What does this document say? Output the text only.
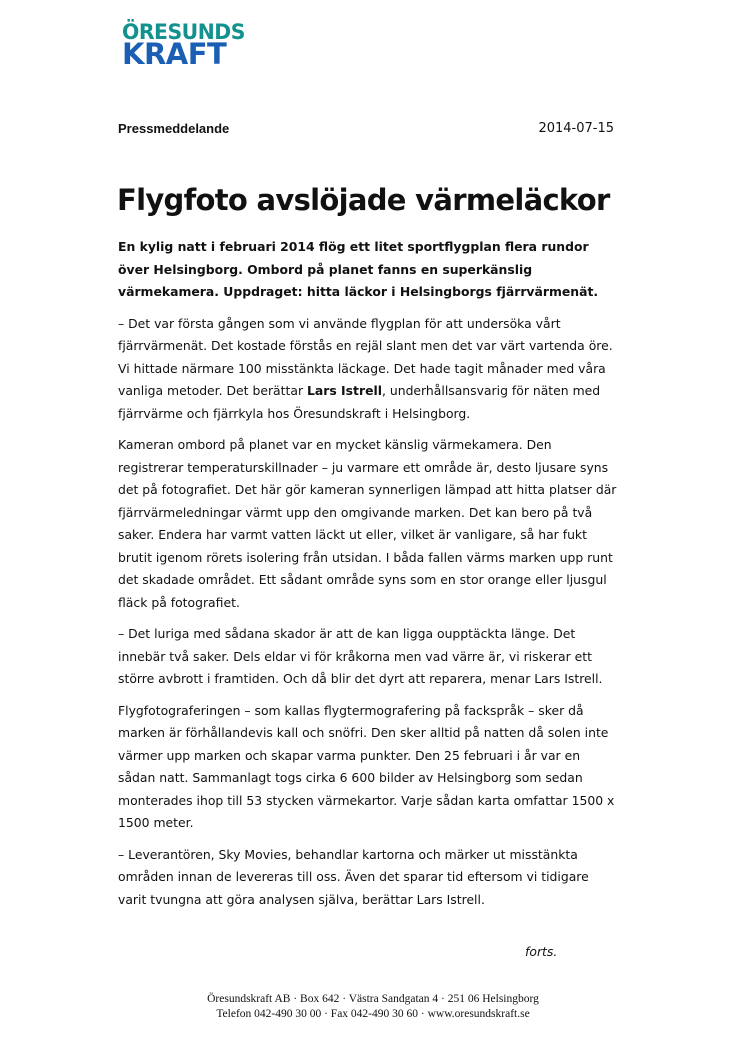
ÖRESUNDS
KRAFT
Pressmeddelande	2014-07-15
Flygfoto avslöjade värmeläckor

En kylig natt i februari 2014 flög ett litet sportflygplan flera rundor över Helsingborg. Ombord på planet fanns en superkänslig värmekamera. Uppdraget: hitta läckor i Helsingborgs fjärrvärmenät.

– Det var första gången som vi använde flygplan för att undersöka vårt fjärrvärmenät. Det kostade förstås en rejäl slant men det var värt vartenda öre. Vi hittade närmare 100 misstänkta läckage. Det hade tagit månader med våra vanliga metoder. Det berättar Lars Istrell, underhållsansvarig för näten med fjärrvärme och fjärrkyla hos Öresundskraft i Helsingborg.

Kameran ombord på planet var en mycket känslig värmekamera. Den registrerar temperaturskillnader – ju varmare ett område är, desto ljusare syns det på fotografiet. Det här gör kameran synnerligen lämpad att hitta platser där fjärrvärmeledningar värmt upp den omgivande marken. Det kan bero på två saker. Endera har varmt vatten läckt ut eller, vilket är vanligare, så har fukt brutit igenom rörets isolering från utsidan. I båda fallen värms marken upp runt det skadade området. Ett sådant område syns som en stor orange eller ljusgul fläck på fotografiet.

– Det luriga med sådana skador är att de kan ligga oupptäckta länge. Det innebär två saker. Dels eldar vi för kråkorna men vad värre är, vi riskerar ett större avbrott i framtiden. Och då blir det dyrt att reparera, menar Lars Istrell.

Flygfotograferingen – som kallas flygtermografering på fackspråk – sker då marken är förhållandevis kall och snöfri. Den sker alltid på natten då solen inte värmer upp marken och skapar varma punkter. Den 25 februari i år var en sådan natt. Sammanlagt togs cirka 6 600 bilder av Helsingborg som sedan monterades ihop till 53 stycken värmekartor. Varje sådan karta omfattar 1500 x 1500 meter.

– Leverantören, Sky Movies, behandlar kartorna och märker ut misstänkta områden innan de levereras till oss. Även det sparar tid eftersom vi tidigare varit tvungna att göra analysen själva, berättar Lars Istrell.

forts.
Öresundskraft AB · Box 642 · Västra Sandgatan 4 · 251 06 Helsingborg
Telefon 042-490 30 00 · Fax 042-490 30 60 · www.oresundskraft.se
